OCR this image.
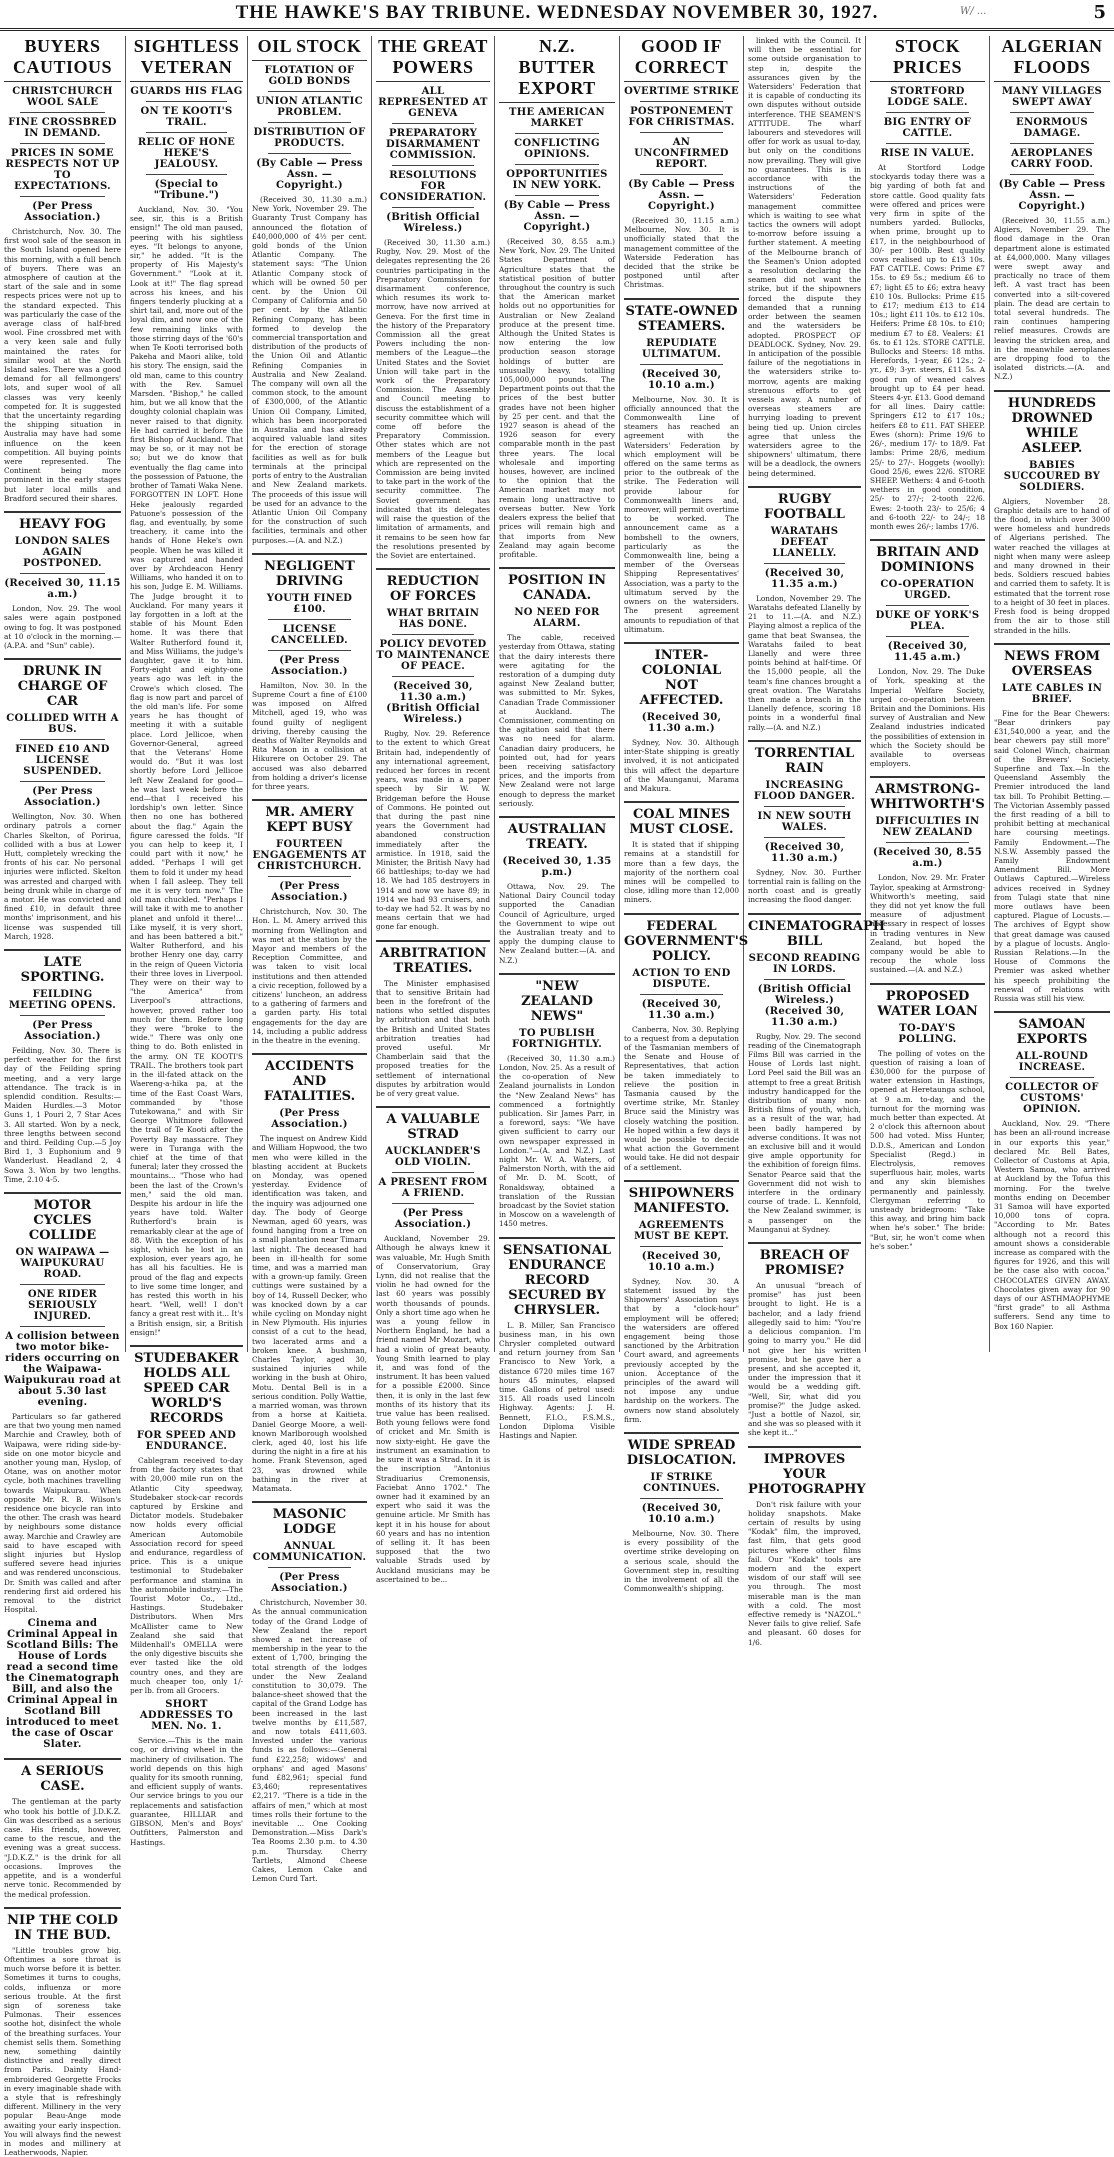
THE HAWKE'S BAY TRIBUNE. WEDNESDAY NOVEMBER 30, 1927.	W/ ...	5
BUYERS CAUTIOUS
CHRISTCHURCH WOOL SALE
FINE CROSSBRED IN DEMAND.
PRICES IN SOME RESPECTS NOT UP TO EXPECTATIONS.
(Per Press Association.)

Christchurch, Nov. 30. The first wool sale of the season in the South Island opened here this morning, with a full bench of buyers. There was an atmosphere of caution at the start of the sale and in some respects prices were not up to the standard expected. This was particularly the case of the average class of half-bred wool. Fine crossbred met with a very keen sale and fully maintained the rates for similar wool at the North Island sales. There was a good demand for all fellmongers' lots, and super wool of all classes was very keenly competed for. It is suggested that the uncertainty regarding the shipping situation in Australia may have had some influence on the keen competition. All buying points were represented. The Continent being more prominent in the early stages but later local mills and Bradford secured their shares.

HEAVY FOG
LONDON SALES AGAIN POSTPONED.
(Received 30, 11.15 a.m.)

London, Nov. 29. The wool sales were again postponed owing to fog. It was postponed at 10 o'clock in the morning.—(A.P.A. and "Sun" cable).

DRUNK IN CHARGE OF CAR
COLLIDED WITH A BUS.
FINED £10 AND LICENSE SUSPENDED.
(Per Press Association.)

Wellington, Nov. 30. When ordinary patrols a corner Charles Skelton, of Porirua, collided with a bus at Lower Hutt, completely wrecking the fronts of his car. No personal injuries were inflicted. Skelton was arrested and charged with being drunk while in charge of a motor. He was convicted and fined £10, in default three months' imprisonment, and his license was suspended till March, 1928.

LATE SPORTING.
FEILDING MEETING OPENS.
(Per Press Association.)

Feilding, Nov. 30. There is perfect weather for the first day of the Feilding spring meeting, and a very large attendance. The track is in splendid condition. Results:— Maiden Hurdles.—3 Motor Guns 1, 1 Pouri 2, 7 Star Aces 3. All started. Won by a neck, three lengths between second and third. Feilding Cup.—5 Joy Bird 1, 3 Euphonium and 9 Wanderlust. Headland 2, 4 Sowa 3. Won by two lengths. Time, 2.10 4-5.

MOTOR CYCLES COLLIDE
ON WAIPAWA — WAIPUKURAU ROAD.
ONE RIDER SERIOUSLY INJURED.
A collision between two motor bike-riders occurring on the Waipawa-Waipukurau road at about 5.30 last evening.

Particulars so far gathered are that two young men named Marchie and Crawley, both of Waipawa, were riding side-by-side on one motor bicycle and another young man, Hyslop, of Otane, was on another motor cycle, both machines travelling towards Waipukurau. When opposite Mr. R. B. Wilson's residence one bicycle ran into the other. The crash was heard by neighbours some distance away. Marchie and Crawley are said to have escaped with slight injuries but Hyslop suffered severe head injuries and was rendered unconscious. Dr. Smith was called and after rendering first aid ordered his removal to the district Hospital.

Cinema and Criminal Appeal in Scotland Bills: The House of Lords read a second time the Cinematograph Bill, and also the Criminal Appeal in Scotland Bill introduced to meet the case of Oscar Slater.
A SERIOUS CASE.

The gentleman at the party who took his bottle of J.D.K.Z. Gin was described as a serious case. His friends, however, came to the rescue, and the evening was a great success. "J.D.K.Z." is the drink for all occasions. Improves the appetite, and is a wonderful nerve tonic. Recommended by the medical profession.

NIP THE COLD IN THE BUD.

"Little troubles grow big. Oftentimes a sore throat is much worse before it is better. Sometimes it turns to coughs, colds, influenza or more serious trouble. At the first sign of soreness take Pulmonas. Their essences soothe hot, disinfect the whole of the breathing surfaces. Your chemist sells them. Something new, something daintily distinctive and really direct from Paris. Dainty Hand-embroidered Georgette Frocks in every imaginable shade with a style that is refreshingly different. Millinery in the very popular Beau-Ange mode awaiting your early inspection. You will always find the newest in modes and millinery at Leatherwoods, Napier.

SIGHTLESS VETERAN
GUARDS HIS FLAG
ON TE KOOTI'S TRAIL.
RELIC OF HONE HEKE'S JEALOUSY.
(Special to "Tribune.")

Auckland, Nov. 30. "You see, sir, this is a British ensign!" The old man paused, peering with his sightless eyes. "It belongs to anyone, sir," he added. "It is the property of His Majesty's Government." "Look at it. Look at it!" The flag spread across his knees, and his fingers tenderly plucking at a shirt tail, and, more out of the loyal dim, and now one of the few remaining links with those stirring days of the '60's when Te Kooti terrorised both Pakeha and Maori alike, told his story. The ensign, said the old man, came to this country with the Rev. Samuel Marsden. "Bishop," he called him, but we all know that the doughty colonial chaplain was never raised to that dignity. He had carried it before the first Bishop of Auckland. That may be so, or it may not be so; but we do know that eventually the flag came into the possession of Patuone, the brother of Tamati Waka Nene. FORGOTTEN IN LOFT. Hone Heke jealously regarded Patuone's possession of the flag, and eventually, by some treachery, it came into the hands of Hone Heke's own people. When he was killed it was captured and handed over by Archdeacon Henry Williams, who handed it on to his son, Judge E. M. Williams. The Judge brought it to Auckland. For many years it lay forgotten in a loft at the stable of his Mount Eden home. It was there that Walter Rutherford found it, and Miss Williams, the judge's daughter, gave it to him. Forty-eight and eighty-one years ago was left in the Crowe's which closed. The flag is now part and parcel of the old man's life. For some years he has thought of meeting it with a suitable place. Lord Jellicoe, when Governor-General, agreed that the Veterans' Home would do. "But it was lost shortly before Lord Jellicoe left New Zealand for good—he was last week before the end—that I received his lordship's own letter. Since then no one has bothered about the flag." Again the figure caressed the folds. "If you can help to keep it, I could part with it now," he added. "Perhaps I will get them to fold it under my head when I fall asleep. They tell me it is very torn now." The old man chuckled. "Perhaps I will take it with me to another planet and unfold it there!... Like myself, it is very short, and has been battered a bit." Walter Rutherford, and his brother Henry one day, carry in the reign of Queen Victoria their three loves in Liverpool. They were on their way to "the America" from Liverpool's attractions, however, proved rather too much for them. Before long they were "broke to the wide." There was only one thing to do. Both enlisted in the army. ON TE KOOTI'S TRAIL. The brothers took part in the ill-fated attack on the Waereng-a-hika pa, at the time of the East Coast Wars, commanded by "those Tutekowana," and with Sir George Whitmore followed the trail of Te Kooti after the Poverty Bay massacre. They were in Turanga with the chief at the time of that funeral; later they crossed the mountains... "Those who had been the last of the Crown's men," said the old man. Despite his ardour in life the years have told. Walter Rutherford's brain is remarkably clear at the age of 88. With the exception of his sight, which he lost in an explosion, ever years ago, he has all his faculties. He is proud of the flag and expects to live some time longer, and has rested this worth in his heart. "Well, well! I don't fancy a great rest with it... It's a British ensign, sir, a British ensign!"

STUDEBAKER HOLDS ALL SPEED CAR WORLD'S RECORDS
FOR SPEED AND ENDURANCE.

Cablegram received to-day from the factory states that with 20,000 mile run on the Atlantic City speedway, Studebaker stock-car records captured by Erskine and Dictator models. Studebaker now holds every official American Automobile Association record for speed and endurance, regardless of price. This is a unique testimonial to Studebaker performance and stamina in the automobile industry.—The Tourist Motor Co., Ltd., Hastings. Studebaker Distributors. When Mrs McAllister came to New Zealand she said that Mildenhall's OMELLA were the only digestive biscuits she ever tasted like the old country ones, and they are much cheaper too, only 1/- per lb. from all Grocers.

SHORT ADDRESSES TO MEN. No. 1.

Service.—This is the main cog, or driving wheel in the machinery of civilisation. The world depends on this high quality for its smooth running, and efficient supply of wants. Our service brings to you our replacements and satisfaction guarantee, HILLIAR and GIBSON, Men's and Boys' Outfitters, Palmerston and Hastings.

OIL STOCK
FLOTATION OF GOLD BONDS
UNION ATLANTIC PROBLEM.
DISTRIBUTION OF PRODUCTS.
(By Cable — Press Assn. — Copyright.)

(Received 30, 11.30 a.m.) New York, November 29. The Guaranty Trust Company has announced the flotation of £40,000,000 of 4½ per cent. gold bonds of the Union Atlantic Company. The statement says: "The Union Atlantic Company stock of which will be owned 50 per cent. by the Union Oil Company of California and 50 per cent. by the Atlantic Refining Company, has been formed to develop the commercial transportation and distribution of the products of the Union Oil and Atlantic Refining Companies in Australia and New Zealand. The company will own all the common stock, to the amount of £300,000, of the Atlantic Union Oil Company, Limited, which has been incorporated in Australia and has already acquired valuable land sites for the erection of storage facilities as well as for bulk terminals at the principal ports of entry to the Australian and New Zealand markets. The proceeds of this issue will be used for an advance to the Atlantic Union Oil Company for the construction of such facilities, terminals and other purposes.—(A. and N.Z.)

NEGLIGENT DRIVING
YOUTH FINED £100.
LICENSE CANCELLED.
(Per Press Association.)

Hamilton, Nov. 30. In the Supreme Court a fine of £100 was imposed on Alfred Mitchell, aged 19, who was found guilty of negligent driving, thereby causing the deaths of Walter Reynolds and Rita Mason in a collision at Hikurere on October 29. The accused was also debarred from holding a driver's license for three years.

MR. AMERY KEPT BUSY
FOURTEEN ENGAGEMENTS AT CHRISTCHURCH.
(Per Press Association.)

Christchurch, Nov. 30. The Hon. L. M. Amery arrived this morning from Wellington and was met at the station by the Mayor and members of the Reception Committee, and was taken to visit local institutions and then attended a civic reception, followed by a citizens' luncheon, an address to a gathering of farmers and a garden party. His total engagements for the day are 14, including a public address in the theatre in the evening.

ACCIDENTS AND FATALITIES.
(Per Press Association.)

The inquest on Andrew Kidd and William Hopwood, the two men who were killed in the blasting accident at Buckets on Monday, was opened yesterday. Evidence of identification was taken, and the inquiry was adjourned one day. The body of George Newman, aged 60 years, was found hanging from a tree on a small plantation near Timaru last night. The deceased had been in ill-health for some time, and was a married man with a grown-up family. Green cuttings were sustained by a boy of 14, Russell Decker, who was knocked down by a car while cycling on Monday night in New Plymouth. His injuries consist of a cut to the head, two lacerated arms and a broken knee. A bushman, Charles Taylor, aged 30, sustained injuries while working in the bush at Ohiro, Motu. Dental Bell is in a serious condition. Polly Wattie, a married woman, was thrown from a horse at Kaitieta. Daniel George Moore, a well-known Marlborough woolshed clerk, aged 40, lost his life during the night in a fire at his home. Frank Stevenson, aged 23, was drowned while bathing in the river at Matamata.

MASONIC LODGE
ANNUAL COMMUNICATION.
(Per Press Association.)

Christchurch, November 30. As the annual communication today of the Grand Lodge of New Zealand the report showed a net increase of membership in the year to the extent of 1,700, bringing the total strength of the lodges under the New Zealand constitution to 30,079. The balance-sheet showed that the capital of the Grand Lodge has been increased in the last twelve months by £11,587, and now totals £411,603. Invested under the various funds is as follows:—General fund £22,258; widows' and orphans' and aged Masons' fund £82,961; special fund £3,460; representatives £2,217. "There is a tide in the affairs of men," which at most times rolls their fortune to the inevitable ... One Cooking Demonstration.—Miss Dark's Tea Rooms 2.30 p.m. to 4.30 p.m. Thursday. Cherry Tartlets, Almond Cheese Cakes, Lemon Cake and Lemon Curd Tart.

THE GREAT POWERS
ALL REPRESENTED AT GENEVA
PREPARATORY DISARMAMENT COMMISSION.
RESOLUTIONS FOR CONSIDERATION.
(British Official Wireless.)

(Received 30, 11.30 a.m.) Rugby, Nov. 29. Most of the delegates representing the 26 countries participating in the Preparatory Commission for disarmament conference, which resumes its work to-morrow, have now arrived at Geneva. For the first time in the history of the Preparatory Commission all the great Powers including the non-members of the League—the United States and the Soviet Union will take part in the work of the Preparatory Commission. The Assembly and Council meeting to discuss the establishment of a security committee which will come off before the Preparatory Commission. Other states which are not members of the League but which are represented on the Commission are being invited to take part in the work of the security committee. The Soviet government has indicated that its delegates will raise the question of the limitation of armaments, and it remains to be seen how far the resolutions presented by the Soviet are entertained.

REDUCTION OF FORCES
WHAT BRITAIN HAS DONE.
POLICY DEVOTED TO MAINTENANCE OF PEACE.
(Received 30, 11.30 a.m.) (British Official Wireless.)

Rugby, Nov. 29. Reference to the extent to which Great Britain had, independently of any international agreement, reduced her forces in recent years, was made in a paper speech by Sir W. W. Bridgeman before the House of Commons. He pointed out that during the past nine years the Government had abandoned construction immediately after the armistice. In 1918, said the Minister, the British Navy had 66 battleships; to-day we had 18. We had 185 destroyers in 1914 and now we have 89; in 1914 we had 93 cruisers, and to-day we had 52. It was by no means certain that we had gone far enough.

ARBITRATION TREATIES.

The Minister emphasised that to sensitive Britain had been in the forefront of the nations who settled disputes by arbitration and that both the British and United States arbitration treaties had proved useful. Mr Chamberlain said that the proposed treaties for the settlement of international disputes by arbitration would be of very great value.

A VALUABLE STRAD
AUCKLANDER'S OLD VIOLIN.
A PRESENT FROM A FRIEND.
(Per Press Association.)

Auckland, November 29. Although he always knew it was valuable, Mr. Hugh Smith of Conservatorium, Gray Lynn, did not realise that the violin he had owned for the last 60 years was possibly worth thousands of pounds. Only a short time ago when he was a young fellow in Northern England, he had a friend named Mr Mozart, who had a violin of great beauty. Young Smith learned to play it, and was fond of the instrument. It has been valued for a possible £2000. Since then, it is only in the last few months of its history that its true value has been realised. Both young fellows were fond of cricket and Mr. Smith is now sixty-eight. He gave the instrument an examination to be sure it was a Strad. In it is the inscription "Antonius Stradiuarius Cremonensis, Faciebat Anno 1702." The owner had it examined by an expert who said it was the genuine article. Mr Smith has kept it in his house for about 60 years and has no intention of selling it. It has been supposed that the two valuable Strads used by Auckland musicians may be ascertained to be...

N.Z. BUTTER EXPORT
THE AMERICAN MARKET
CONFLICTING OPINIONS.
OPPORTUNITIES IN NEW YORK.
(By Cable — Press Assn. — Copyright.)

(Received 30, 8.55 a.m.) New York, Nov. 29. The United States Department of Agriculture states that the statistical position of butter throughout the country is such that the American market holds out no opportunities for Australian or New Zealand produce at the present time. Although the United States is now entering the low production season storage holdings of butter are unusually heavy, totalling 105,000,000 pounds. The Department points out that the prices of the best butter grades have not been higher by 25 per cent. and that the 1927 season is ahead of the 1926 season for every comparable month in the past three years. The local wholesale and importing houses, however, are inclined to the opinion that the American market may not remain long unattractive to overseas butter. New York dealers express the belief that prices will remain high and that imports from New Zealand may again become profitable.

POSITION IN CANADA.
NO NEED FOR ALARM.

The cable, received yesterday from Ottawa, stating that the dairy interests there were agitating for the restoration of a dumping duty against New Zealand butter, was submitted to Mr. Sykes, Canadian Trade Commissioner at Auckland. The Commissioner, commenting on the agitation said that there was no need for alarm. Canadian dairy producers, he pointed out, had for years been receiving satisfactory prices, and the imports from New Zealand were not large enough to depress the market seriously.

AUSTRALIAN TREATY.
(Received 30, 1.35 p.m.)

Ottawa, Nov. 29. The National Dairy Council today supported the Canadian Council of Agriculture, urged the Government to wipe out the Australian treaty and to apply the dumping clause to New Zealand butter.—(A. and N.Z.)

"NEW ZEALAND NEWS"
TO PUBLISH FORTNIGHTLY.

(Received 30, 11.30 a.m.) London, Nov. 25. As a result of the co-operation of New Zealand journalists in London the "New Zealand News" has commenced a fortnightly publication. Sir James Parr, in a foreword, says: "We have given sufficient to carry our own newspaper expressed in London."—(A. and N.Z.) Last night Mr. W. A. Waters, of Palmerston North, with the aid of Mr. D. M. Scott, of Ronaldsway, obtained a translation of the Russian broadcast by the Soviet station in Moscow on a wavelength of 1450 metres.

SENSATIONAL ENDURANCE RECORD SECURED BY CHRYSLER.

L. B. Miller, San Francisco business man, in his own Chrysler completed outward and return journey from San Francisco to New York, a distance 6720 miles time 167 hours 45 minutes, elapsed time. Gallons of petrol used: 315. All roads used Lincoln Highway. Agents: J. H. Bennett, F.I.O., F.S.M.S., London Diploma Visible Hastings and Napier.

GOOD IF CORRECT
OVERTIME STRIKE
POSTPONEMENT FOR CHRISTMAS.
AN UNCONFIRMED REPORT.
(By Cable — Press Assn. — Copyright.)

(Received 30, 11.15 a.m.) Melbourne, Nov. 30. It is unofficially stated that the management committee of the Waterside Federation has decided that the strike be postponed until after Christmas.

STATE-OWNED STEAMERS.
REPUDIATE ULTIMATUM.
(Received 30, 10.10 a.m.)

Melbourne, Nov. 30. It is officially announced that the Commonwealth Line of steamers has reached an agreement with the Watersiders' Federation by which employment will be offered on the same terms as prior to the outbreak of the strike. The Federation will provide labour for Commonwealth liners and, moreover, will permit overtime to be worked. The announcement came as a bombshell to the owners, particularly as the Commonwealth line, being a member of the Overseas Shipping Representatives' Association, was a party to the ultimatum served by the owners on the watersiders. The present agreement amounts to repudiation of that ultimatum.

INTER-COLONIAL NOT AFFECTED.
(Received 30, 11.30 a.m.)

Sydney, Nov. 30. Although inter-State shipping is greatly involved, it is not anticipated this will affect the departure of the Maunganui, Marama and Makura.

COAL MINES MUST CLOSE.

It is stated that if shipping remains at a standstill for more than a few days, the majority of the northern coal mines will be compelled to close, idling more than 12,000 miners.

FEDERAL GOVERNMENT'S POLICY.
ACTION TO END DISPUTE.
(Received 30, 11.30 a.m.)

Canberra, Nov. 30. Replying to a request from a deputation of the Tasmanian members of the Senate and House of Representatives, that action be taken immediately to relieve the position in Tasmania caused by the overtime strike, Mr. Stanley Bruce said the Ministry was closely watching the position. He hoped within a few days it would be possible to decide what action the Government would take. He did not despair of a settlement.

SHIPOWNERS MANIFESTO.
AGREEMENTS MUST BE KEPT.
(Received 30, 10.10 a.m.)

Sydney, Nov. 30. A statement issued by the Shipowners' Association says that by a "clock-hour" employment will be offered; the watersiders are offered engagement being those sanctioned by the Arbitration Court award, and agreements previously accepted by the union. Acceptance of the principles of the award will not impose any undue hardship on the workers. The owners now stand absolutely firm.

WIDE SPREAD DISLOCATION.
IF STRIKE CONTINUES.
(Received 30, 10.10 a.m.)

Melbourne, Nov. 30. There is every possibility of the overtime strike developing on a serious scale, should the Government step in, resulting in the involvement of all the Commonwealth's shipping.

linked with the Council. It will then be essential for some outside organisation to step in, despite the assurances given by the Watersiders' Federation that it is capable of conducting its own disputes without outside interference. THE SEAMEN'S ATTITUDE. The wharf labourers and stevedores will offer for work as usual to-day, but only on the conditions now prevailing. They will give no guarantees. This is in accordance with the instructions of the Watersiders' Federation management committee which is waiting to see what tactics the owners will adopt to-morrow before issuing a further statement. A meeting of the Melbourne branch of the Seamen's Union adopted a resolution declaring the seamen did not want the strike, but if the shipowners forced the dispute they demanded that a running order between the seamen and the watersiders be adopted. PROSPECT OF DEADLOCK. Sydney, Nov. 29. In anticipation of the possible failure of the negotiations in the watersiders strike to-morrow, agents are making strenuous efforts to get vessels away. A number of overseas steamers are hurrying loading to prevent being tied up. Union circles agree that unless the watersiders agree to the shipowners' ultimatum, there will be a deadlock, the owners being determined.

RUGBY FOOTBALL
WARATAHS DEFEAT LLANELLY.
(Received 30, 11.35 a.m.)

London, November 29. The Waratahs defeated Llanelly by 21 to 11.—(A. and N.Z.) Playing almost a replica of the game that beat Swansea, the Waratahs failed to beat Llanelly and were three points behind at half-time. Of the 15,000 people, all the team's fine chances brought a great ovation. The Waratahs then made a breach in the Llanelly defence, scoring 18 points in a wonderful final rally.—(A. and N.Z.)

TORRENTIAL RAIN
INCREASING FLOOD DANGER.
IN NEW SOUTH WALES.
(Received 30, 11.30 a.m.)

Sydney, Nov. 30. Further torrential rain is falling on the north coast and is greatly increasing the flood danger.

CINEMATOGRAPH BILL
SECOND READING IN LORDS.
(British Official Wireless.) (Received 30, 11.30 a.m.)

Rugby, Nov. 29. The second reading of the Cinematograph Films Bill was carried in the House of Lords last night. Lord Peel said the Bill was an attempt to free a great British industry handicapped for the distribution of many non-British films of youth, which, as a result of the war, had been badly hampered by adverse conditions. It was not an exclusive bill and it would give ample opportunity for the exhibition of foreign films. Senator Pearce said that the Government did not wish to interfere in the ordinary course of trade. L. Kennfold, the New Zealand swimmer, is a passenger on the Maunganui at Sydney.

BREACH OF PROMISE?

An unusual "breach of promise" has just been brought to light. He is a bachelor, and a lady friend allegedly said to him: "You're a delicious companion. I'm going to marry you." He did not give her his written promise, but he gave her a present, and she accepted it, under the impression that it would be a wedding gift. "Well, Sir, what did you promise?" the Judge asked. "Just a bottle of Nazol, sir, and she was so pleased with it she kept it..."

IMPROVES YOUR PHOTOGRAPHY

Don't risk failure with your holiday snapshots. Make certain of results by using "Kodak" film, the improved, fast film, that gets good pictures where other films fail. Our "Kodak" tools are modern and the expert wisdom of our staff will see you through. The most miserable man is the man with a cold. The most effective remedy is "NAZOL." Never fails to give relief. Safe and pleasant. 60 doses for 1/6.

STOCK PRICES
STORTFORD LODGE SALE.
BIG ENTRY OF CATTLE.
RISE IN VALUE.

At Stortford Lodge stockyards today there was a big yarding of both fat and store cattle. Good quality fats were offered and prices were very firm in spite of the numbers yarded. Bullocks, when prime, brought up to £17, in the neighbourhood of 30/- per 100lb. Best quality cows realised up to £13 10s. FAT CATTLE. Cows: Prime £7 15s. to £9 5s.; medium £6 to £7; light £5 to £6; extra heavy £10 10s. Bullocks: Prime £15 to £17; medium £13 to £14 10s.; light £11 10s. to £12 10s. Heifers: Prime £8 10s. to £10; medium £7 to £8. Vealers: £1 6s. to £1 12s. STORE CATTLE. Bullocks and Steers: 18 mths. Herefords, 1-year, £6 12s.; 2-yr., £9; 3-yr. steers, £11 5s. A good run of weaned calves brought up to £4 per head. Steers 4-yr. £13. Good demand for all lines. Dairy cattle: Springers £12 to £17 10s.; heifers £8 to £11. FAT SHEEP. Ewes (shorn): Prime 19/6 to 26/-, medium 17/- to 18/9. Fat lambs: Prime 28/6, medium 25/- to 27/-. Hoggets (woolly): Good 25/6, ewes 22/6. STORE SHEEP. Wethers: 4 and 6-tooth wethers in good condition, 25/- to 27/-; 2-tooth 22/6. Ewes: 2-tooth 23/- to 25/6; 4 and 6-tooth 22/- to 24/-; 18 month ewes 26/-; lambs 17/6.

BRITAIN AND DOMINIONS
CO-OPERATION URGED.
DUKE OF YORK'S PLEA.
(Received 30, 11.45 a.m.)

London, Nov. 29. The Duke of York, speaking at the Imperial Welfare Society, urged co-operation between Britain and the Dominions. His survey of Australian and New Zealand industries indicated the possibilities of extension in which the Society should be available to overseas employers.

ARMSTRONG-WHITWORTH'S
DIFFICULTIES IN NEW ZEALAND
(Received 30, 8.55 a.m.)

London, Nov. 29. Mr. Frater Taylor, speaking at Armstrong-Whitworth's meeting, said they did not yet know the full measure of adjustment necessary in respect of losses in trading ventures in New Zealand, but hoped the company would be able to recoup the whole loss sustained.—(A. and N.Z.)

PROPOSED WATER LOAN
TO-DAY'S POLLING.

The polling of votes on the question of raising a loan of £30,000 for the purpose of water extension in Hastings, opened at Heretaunga school, at 9 a.m. to-day, and the turnout for the morning was much better than expected. At 2 o'clock this afternoon about 500 had voted. Miss Hunter, D.D.S., American and London Specialist (Regd.) in Electrolysis, removes superfluous hair, moles, warts and any skin blemishes permanently and painlessly. Clergyman referring to unsteady bridegroom: "Take this away, and bring him back when he's sober." The bride: "But, sir, he won't come when he's sober."

ALGERIAN FLOODS
MANY VILLAGES SWEPT AWAY
ENORMOUS DAMAGE.
AEROPLANES CARRY FOOD.
(By Cable — Press Assn. — Copyright.)

(Received 30, 11.55 a.m.) Algiers, November 29. The flood damage in the Oran department alone is estimated at £4,000,000. Many villages were swept away and practically no trace of them left. A vast tract has been converted into a silt-covered plain. The dead are certain to total several hundreds. The rain continues hampering relief measures. Crowds are leaving the stricken area, and in the meanwhile aeroplanes are dropping food to the isolated districts.—(A. and N.Z.)

HUNDREDS DROWNED WHILE ASLEEP.
BABIES SUCCOURED BY SOLDIERS.

Algiers, November 28. Graphic details are to hand of the flood, in which over 3000 were homeless and hundreds of Algerians perished. The water reached the villages at night when many were asleep and many drowned in their beds. Soldiers rescued babies and carried them to safety. It is estimated that the torrent rose to a height of 30 feet in places. Fresh food is being dropped from the air to those still stranded in the hills.

NEWS FROM OVERSEAS
LATE CABLES IN BRIEF.

Fine for the Bear Chewers: "Bear drinkers pay £31,540,000 a year, and the bear chewers pay still more" said Colonel Winch, chairman of the Brewers' Society. Superfine and Tax.—In the Queensland Assembly the Premier introduced the land tax bill. To Prohibit Betting.—The Victorian Assembly passed the first reading of a bill to prohibit betting at mechanical hare coursing meetings. Family Endowment.—The N.S.W. Assembly passed the Family Endowment Amendment Bill. More Outlaws Captured.—Wireless advices received in Sydney from Tulagi state that nine more outlaws have been captured. Plague of Locusts.—The archives of Egypt show that great damage was caused by a plague of locusts. Anglo-Russian Relations.—In the House of Commons the Premier was asked whether his speech prohibiting the renewal of relations with Russia was still his view.

SAMOAN EXPORTS
ALL-ROUND INCREASE.
COLLECTOR OF CUSTOMS' OPINION.

Auckland, Nov. 29. "There has been an all-round increase in our exports this year," declared Mr. Bell Bates, Collector of Customs at Apia, Western Samoa, who arrived at Auckland by the Tofua this morning. For the twelve months ending on December 31 Samoa will have exported 10,000 tons of copra. "According to Mr. Bates although not a record this amount shows a considerable increase as compared with the figures for 1926, and this will be the case also with cocoa." CHOCOLATES GIVEN AWAY. Chocolates given away for 90 days of our ASTHMAOPHYME "first grade" to all Asthma sufferers. Send any time to Box 160 Napier.
